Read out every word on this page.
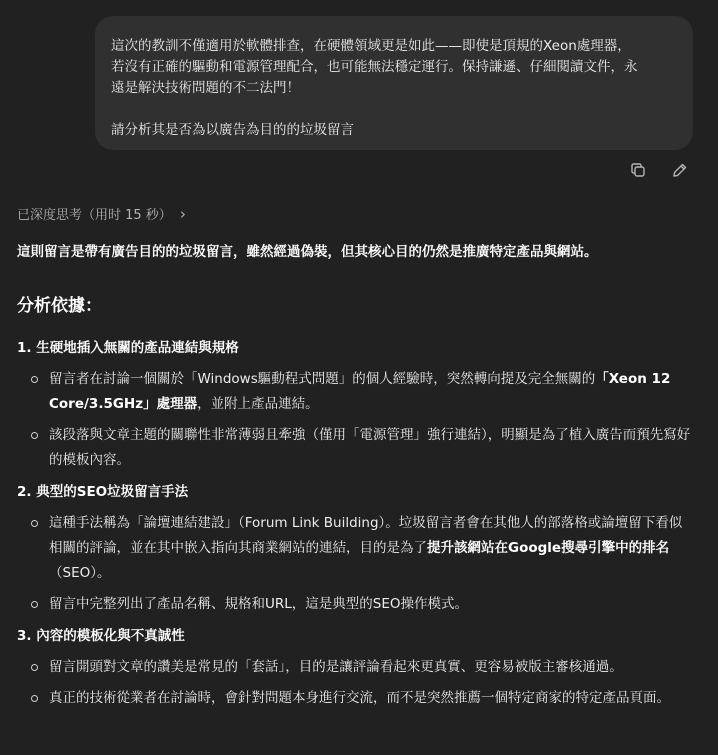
這次的教訓不僅適用於軟體排查，在硬體領域更是如此——即使是頂規的Xeon處理器，

若沒有正確的驅動和電源管理配合，也可能無法穩定運行。保持謙遜、仔細閱讀文件，永

遠是解決技術問題的不二法門！

請分析其是否為以廣告為目的的垃圾留言

已深度思考（用时 15 秒） ›

這則留言是帶有廣告目的的垃圾留言，雖然經過偽裝，但其核心目的仍然是推廣特定產品與網站。

分析依據：
1. 生硬地插入無關的產品連結與規格
留言者在討論一個關於「Windows驅動程式問題」的個人經驗時，突然轉向提及完全無關的「Xeon 12 Core/3.5GHz」處理器，並附上產品連結。
該段落與文章主題的關聯性非常薄弱且牽強（僅用「電源管理」強行連結），明顯是為了植入廣告而預先寫好的模板內容。
2. 典型的SEO垃圾留言手法
這種手法稱為「論壇連結建設」（Forum Link Building）。垃圾留言者會在其他人的部落格或論壇留下看似相關的評論，並在其中嵌入指向其商業網站的連結，目的是為了提升該網站在Google搜尋引擎中的排名（SEO）。
留言中完整列出了產品名稱、規格和URL，這是典型的SEO操作模式。
3. 內容的模板化與不真誠性
留言開頭對文章的讚美是常見的「套話」，目的是讓評論看起來更真實、更容易被版主審核通過。
真正的技術從業者在討論時，會針對問題本身進行交流，而不是突然推薦一個特定商家的特定產品頁面。
